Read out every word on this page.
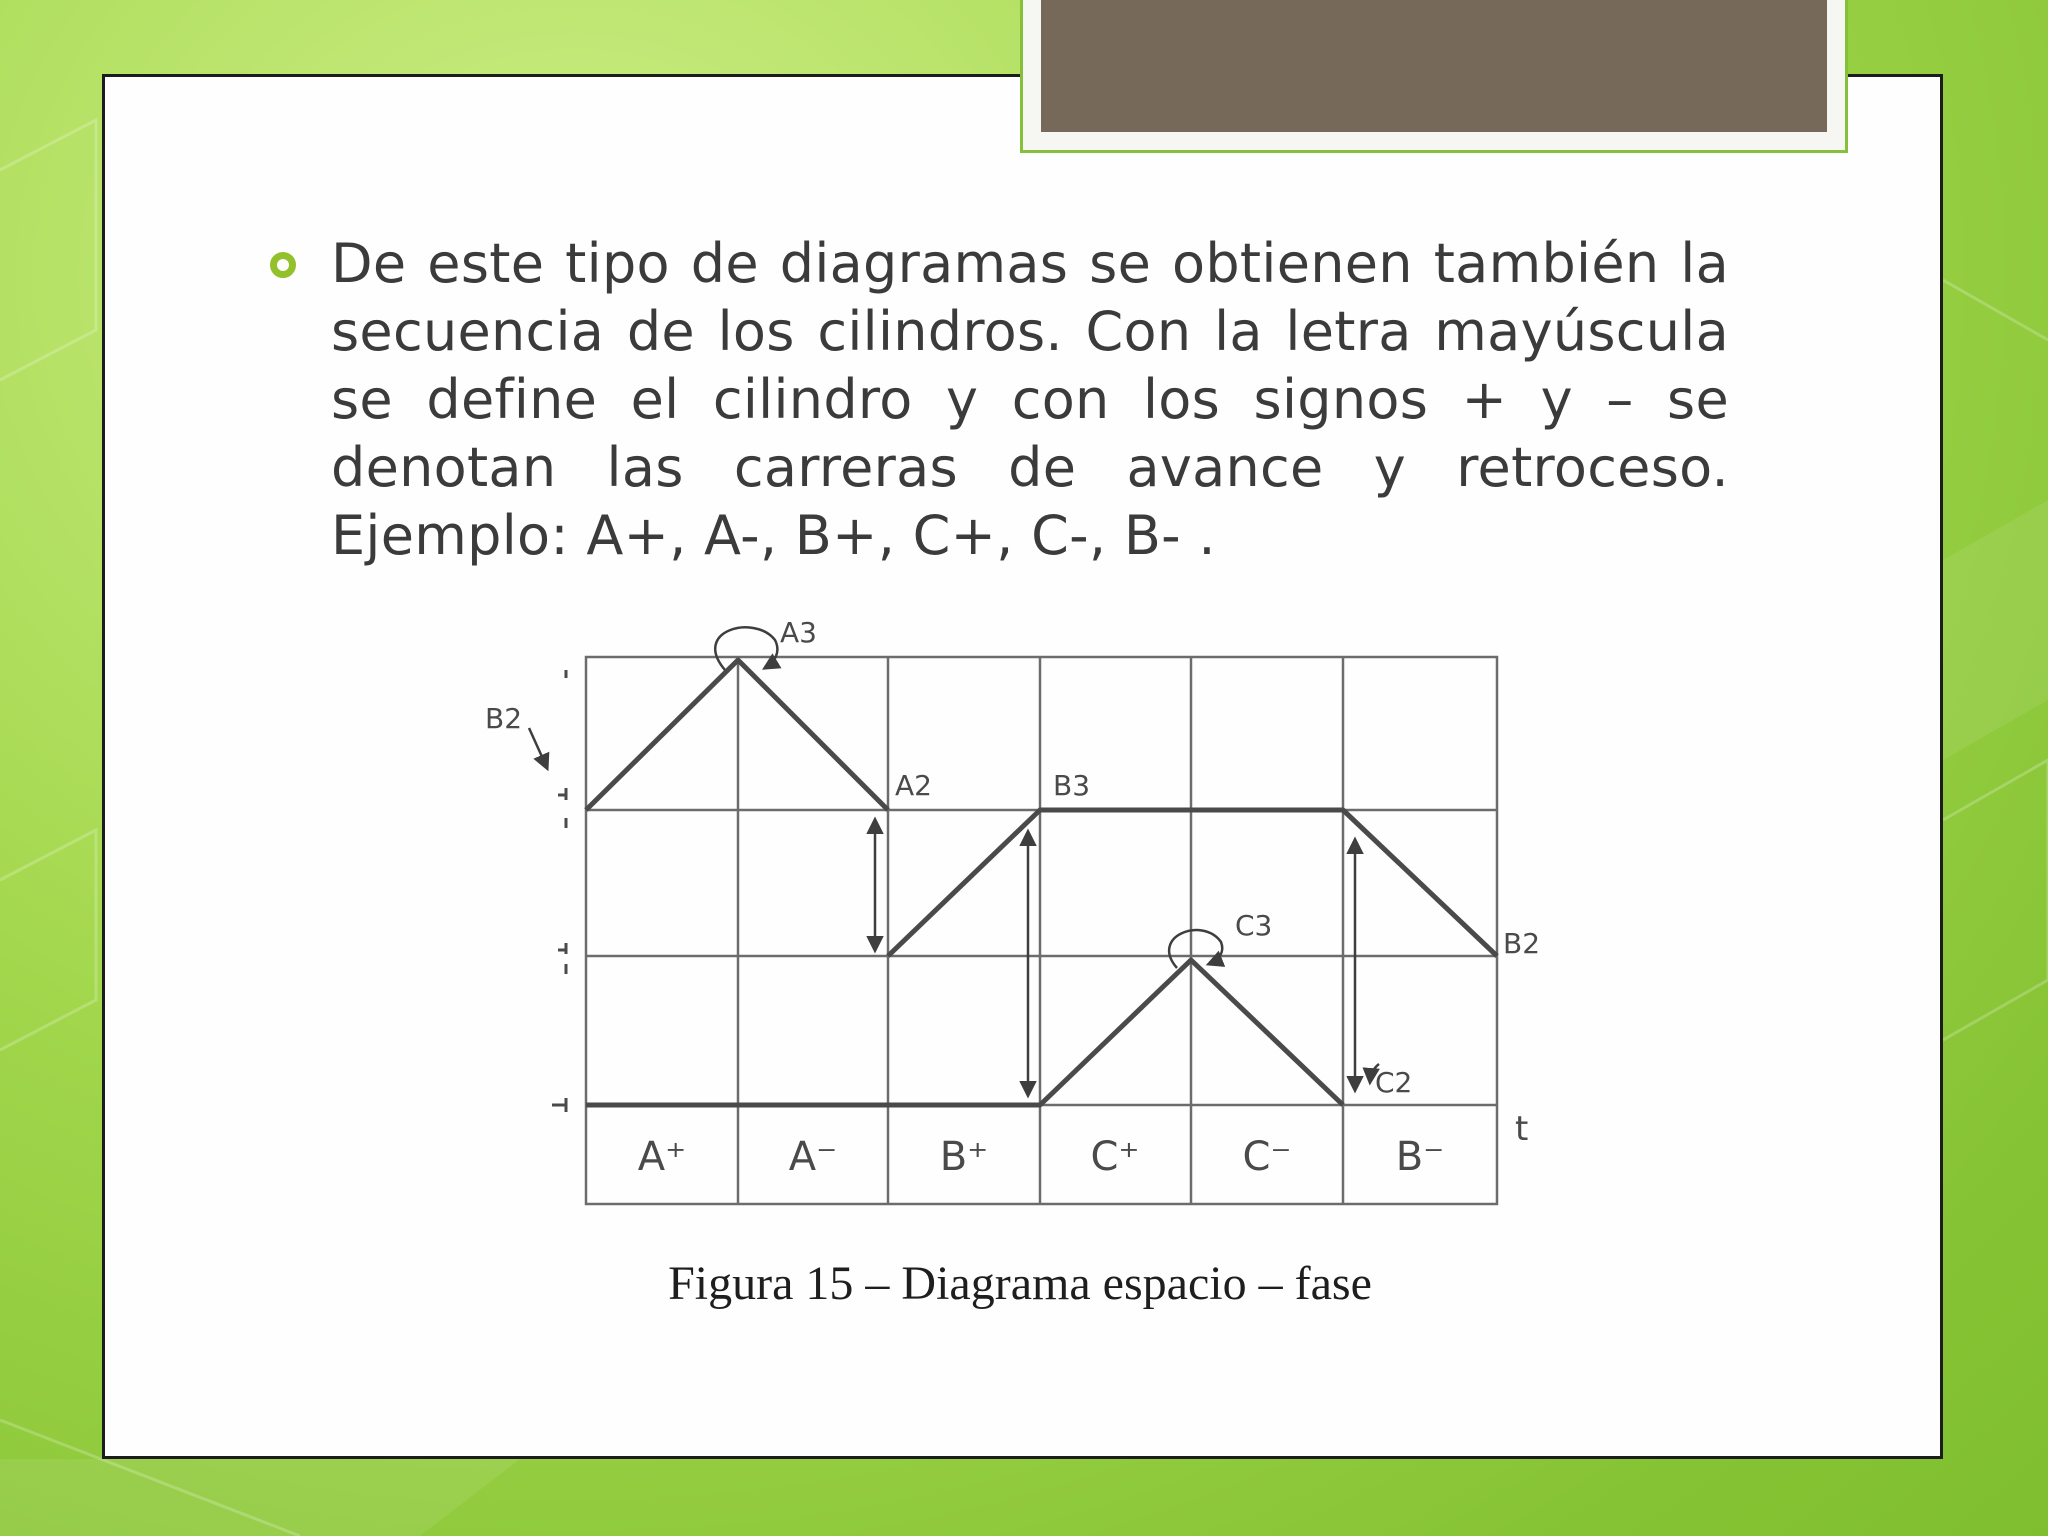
De este tipo de diagramas se obtienen también la secuencia de los cilindros. Con la letra mayúscula se define el cilindro y con los signos + y – se denotan las carreras de avance y retroceso. Ejemplo: A+, A-, B+, C+, C-, B- .

A3
B2
A2	B3
C3
B2
C2
t
A⁺	A⁻	B⁺	C⁺	C⁻	B⁻
Figura 15 – Diagrama espacio – fase
